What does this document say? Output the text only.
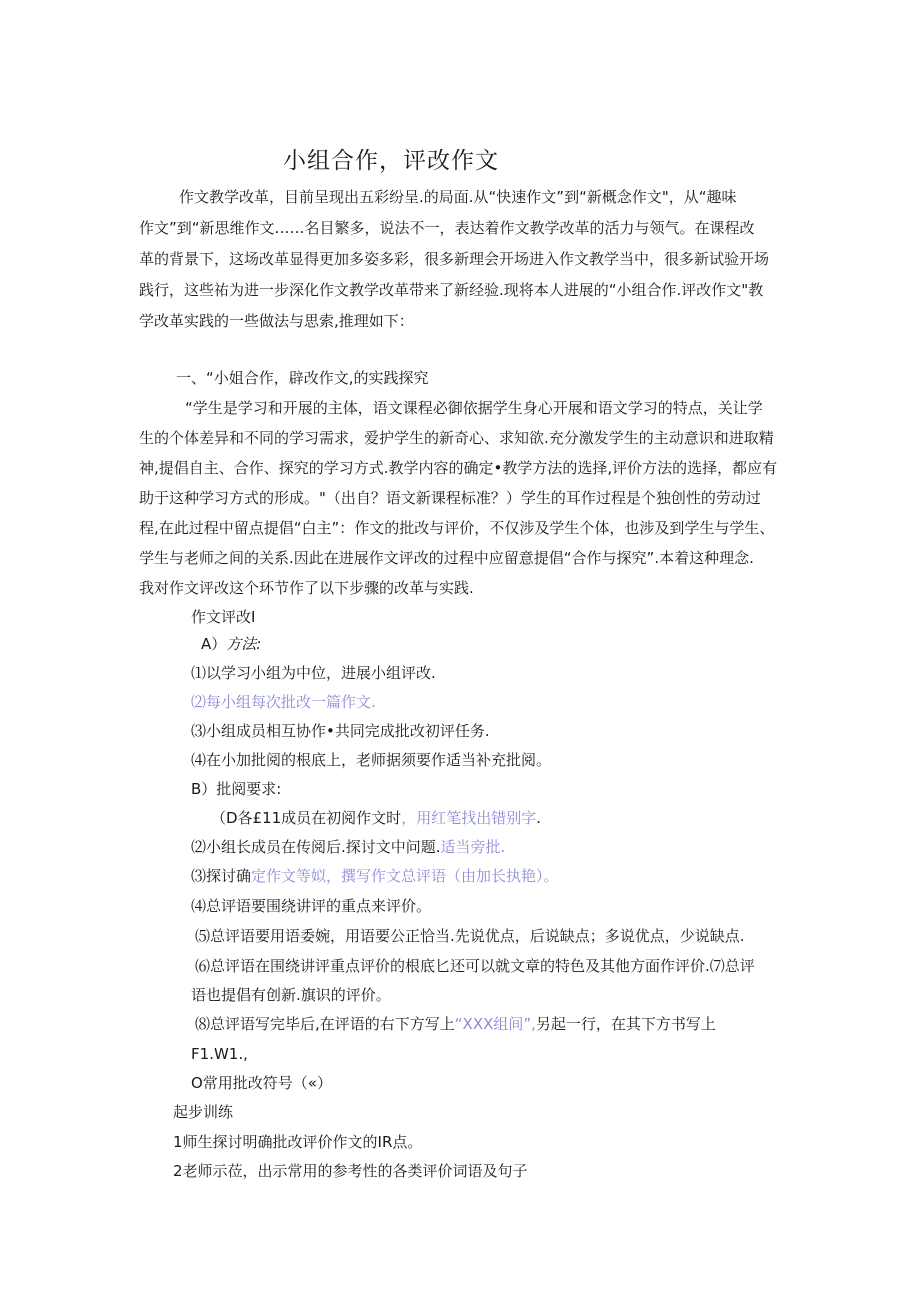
小组合作，评改作文
作文教学改革，目前呈现出五彩纷呈.的局面.从“快速作文”到“新概念作文"，从“趣味
作文”到“新思维作文……名目繁多，说法不一，表达着作文教学改革的活力与领气。在课程改
革的背景下，这场改革显得更加多姿多彩，很多新理会开场进入作文教学当中，很多新试验开场
践行，这些祐为进一步深化作文教学改革带来了新经验.现将本人进展的“小组合作.评改作文"教
学改革实践的一些做法与思索,推理如下：
一、“小姐合作，辟改作文,的实践探究
“学生是学习和开展的主体，语文课程必御依据学生身心开展和语文学习的特点，关让学
生的个体差异和不同的学习需求，爱护学生的新奇心、求知欲.充分激发学生的主动意识和进取精
神,提倡自主、合作、探究的学习方式.教学内容的确定•教学方法的选择,评价方法的选择，都应有
助于这种学习方式的形成。"（出自？语文新课程标准？）学生的耳作过程是个独创性的劳动过
程,在此过程中留点提倡“白主”：作文的批改与评价，不仅涉及学生个体，也涉及到学生与学生、
学生与老师之间的关系.因此在进展作文评改的过程中应留意提倡“合作与探究”.本着这种理念.
我对作文评改这个环节作了以下步骤的改革与实践.
作文评改I
A）方法:
⑴以学习小组为中位，进展小组评改.
⑵每小组每次批改一篇作文.
⑶小组成员相互协作•共同完成批改初评任务.
⑷在小加批阅的根底上，老师据须要作适当补充批阅。
B）批阅要求:
（D各£11成员在初阅作文时，用红笔找出错别字.
⑵小组长成员在传阅后.探讨文中问题.适当旁批.
⑶探讨确定作文等姒，撰写作文总评语（由加长执艳）。
⑷总评语要围绕讲评的重点来评价。
⑸总评语要用语委婉，用语要公正恰当.先说优点，后说缺点；多说优点，少说缺点.
⑹总评语在围绕讲评重点评价的根底匕还可以就文章的特色及其他方面作评价.⑺总评
语也提倡有创新.旗识的评价。
⑻总评语写完毕后,在评语的右下方写上“XXX组间”,另起一行，在其下方书写上
F1.W1.,
O常用批改符号（«）
起步训练
1师生探讨明确批改评价作文的IR点。
2老师示莅，出示常用的参考性的各类评价词语及句子
